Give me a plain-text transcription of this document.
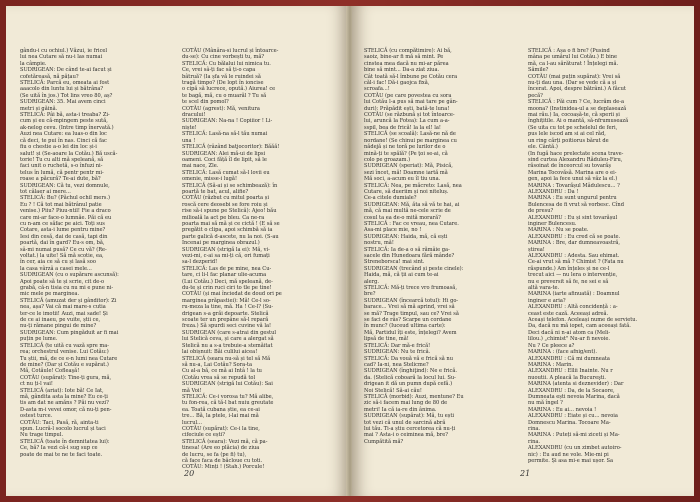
gându-i cu ochiul.) Văzui, ie fricel

lui nea Cutare să nu-i las numai

la câmpie.

SUDRIGEAN: De când te-ai facut și

cofetăreasă, nă pățau?

STELICĂ: Parcă eu, omeata ai fost

aaacolo din luntu lui și bătrâna?

(Se uită în jos.) Tot lins vreo 80, aș?

SUDRIGEAN: 35. Mai avem cinci

metri și găină.

STELICĂ: Pâi bă, asta-i treaba? Zi-

cum și eu că-mpingem peste sută,

ak-nelog cevu. (Intre timp înervată.)

Auzi nea Cutare: ea luas-o din loc

că deci, te pui în nas. Cinci că fac

fiu o chestie a-o lei din loc și-i

salut! și (Se-aoare la Cotău.) Bă uscă-

torie! Tu cu alti mă speleană, să

faci unit o ruchetă, s-o înfuzi ni-

telus în lumă, că pentr pentr mi-

roase a păcură? Te-ai dute, bă?

SUDRIGEAN: Că tu, vezi domnule,

tot câlaer ai mere...

STELICĂ: Bu? (Păchul ochil mers.)

Eu ? ! Că tot mai bătrânul patie

venise.) Piiu? Piuu-ntil! Fie a draco

care mi-ar face-o lumnăe. Păi că eu

cu n-am ce săfac pe aici. Toți sus

Cotare, asta-i lume pentru mine?

Iesi din cesă, dai de casă, tapi din

poartă, dai în gard? Eu-s om, bă,

sâ-mi numai pusă? Ce cu vă? (Re-

voltat.) la uite! Să mă scotie, ea,

în cer, aia ce să cu și lasă soo

la casa vârzâ a casei mele...

SUDRIGEAN (cu o supărare ascunsă):

Apoi poate să te și scrie, cit de-o

grabă, că-n tisia cu nu mi e pune ni-

mic mele pe marginea.

STELICĂ (amuzat der și gânditor): Zi

nea, așa? Vai că mai mare-s cutia

ter-ce le imotii! Auzi, mai sade! Și

de ce ai inaeu, pe vuite, știi ce,

nu-ți rămane pingui de mine?

SUDRIGEAN: Cum pingăduit ar fi mai

puțin pe lume.

STELICĂ (te uită cu vază spre ma-

rea; orchestrul venise. Lui Cotău:)

Tu știi, mă, de ce e-n lumi nea Cutare

de mine? (Dar și Cotău e supărat.)

Mă, Cotăule! Cofleaşă!

COTĂU (supărat): Tine-ți gura, mă,

ct nu ți-l vai!

STELICĂ (ariat): Iote bă! Ce Iat,

mă, gândita asta la mine? Eu ce-ți

tis am dat ne amăns ? Păi nu vezi?

D-asta m-i vevei omor, că nu-ți pen-

ostest turce.

COTĂU: Taci, Pasă, ră, ainta-ti

spun. Lucră-l socolo lucrul și taci

Nu trage timpul.

STELICĂ (toate în demnitatea lui):

Ce, bă? Ia vezi că-i sug sup ce

poate de mai te ne te faci toate.

COTĂU (Mânâra-si lucrul și întoarce-

du-se): Cu cine vorbești tu, mă?

STELICĂ: Cu bălalui lui nimica tu.

Ce, vrei sâ-ți fac să ți-o capa

bâtruă? (Ia șfa vă le ruindei să

tragă timpo? (De lopt în ioncise

o cipă să lucrece, opută.) Aiurea! ce

te bagă, mă, cu o muarăl ? Tu să

te scel din pomol?

COTĂU (agrest): Mă, venitura

dracului!

SUDRIGEAN: Na-na ! Copiiior ! Li-

niște!

STELICĂ: Lasă-na să-l tău numai

una !

STELICĂ (râzând batjocoritor): Băăă!

SUDRIGEAN: Alei mă-ui de lipsi

oameni. Coci făță îl de lipit, să le

mai nace, Zle.

STELICĂ: Lasă cumat să-l lovii eu

omenie, misse-i lugă!

STELICĂ (Să-ai și se schimbează): în

poartă te bat, acul, alifie?

COTĂU (răzbut cu mitul poarta și

roscă cere deosebi se fore roiu și

rise să-i spune pe Stelică): Ajeo! bău

milioală la act pe bleu. Ca ne-ra

poarta mai să mă și ce cictă ! (E să se

pregătit o clipa, apoi schimbă să ia

parte galică d-ascete, nu la noi. (S-au

Incenai pe marginea obrazul.)

SUDRIGEAN (strigă la ei): Mă, vi-

vezi-mi, c-ai sa mi-ți că, ori fumați

sa-l dezperid!

STELICĂ: Las de pe mine, nea Cu-

tare, ci li-l fac planar ulie-acuma

(Lui Cotău.) Deci, mă speleană, de-

du-te și crin ruci ciri to tle pe tine!

COTĂU (și mai înciedat de doud ori pe

marginea prăpastiei): Mă! Ce-l so-

ru-meza la tine, mă. Ha ! Ce-l? (Su-

drigean s-a grăi depoarte. Stelică

scoate ter un prepâne să-l repară

freza.) Să spurdi seci cuvine vă la!

SUDRIGEAN (care s-atrai din gestul

lui Stelică ceva, și care a alergat să

Stelică nu a s-a trebuie-a stemăitat

lai obișnuit: Băi culilui aicea!

STELICĂ (seara nu-să și tel să Mă

să nu-a, Lai Cotău? Sora-ta

Cu al-a bă, ce mă ai Intâ ! la tu

(Cotău vrea să se repudă tol

SUDRIGEAN (strigă lui Cotău): Sai

mă Voi!

STELICĂ: Ce-i vorosa tu? Mă alibe,

tu fon-rea, că tă-l bat nuiu greutate

ea. Toată cubana știe, ea ce-ai

tre... Bă, la ptele, i-lai mai mă

lucrul...

COTĂU (supărat): Ce-i la tine,

cifeciule ce ești?

STELICĂ (seara): Vezi mă, că pa-

tinesa! (Are eo plăcia) de ziua

de lucru, se fa (pe fi) tu),

că face faca de băcloue cu toti.

COTĂU: Minți ! (Stah.) Porcule!

20

STELICĂ (cu compătimire): Ai bă,

saoiz, bine-ar fi mă să mint. Pe

cinstea mea dacă nu mi-ar părea

bine să mint... Da-a ziat ziua.

Cât toată să-l îmbune pe Cotău cera

căl-i fac! Dă-i gaojca fixă,

scroafa...!

COTĂU (pe care povestea cu sora

lui Cotău l-a pus să mai tare pe gân-

duri): Prăpădit ești, bată-te luna!

COTĂU (se răzbună și tot întoarce-

lui, aruncă la Fotea): La cum a-a-

sspil, bea de frică! la la el! la!

STELICĂ (se scoală): Lasă-ne nă de

nordane! (Se chinui pe marginea cu

nădejă și ne toră pe lurilor de o

mină-ți te spălă? (Pe ţoi se-ai, că

colo pe groazam.)

SUDRIGEAN (speriat): Mă, Pisică,

sezi încet, mă! Doamne iartă mă

Mă soci, a-acum eu îl tiu una.

STELICĂ: Nea, pe măcreto: Lasă, nea

Cutare, să dueriim și noi niteluș.

Ce-a citele dumiale?

SUDRIGEAN: Mă, ăta să vă te hai, ai

mă, că mai multă ne-cele scrie de

cosul ta ea de-o mită morară?

STELICĂ : Fac ce vreau, nea Cutare.

Asa-mi place mie, no !

SUDRIGEAN: Haida, mă, că ești

nostru, mă!

STELICĂ: Ia de-a o să rămâie ga-

sacele din Hunedoara fără mânde?

Streneborsca! mai sint.

SUDRIGEAN (trecând și peste cinele):

Haida, mă, că ții ai cum te-ai

alerg.

STELICĂ: Mă-ți trece vro frumoasă,

bre?

SUDRIGEAN (încearcă totul): Hi go-

barace... Vrei să mă aprind, vrei să

se mă? Trage timpul, sau ce? Vrei să

se faci de râs? Scarpe un cordane

în munc? (Iuceud ultima carte):

Mă, Partidul îți este, înțelegi? Avem

lipsă de tine, mă!

STELICĂ: Dar mă-e frică!

SUDRIGEAN: Nu te frică.

STELICĂ: Da vouă vă e frică să nu

cad? Ia-ni, nea Stelicme?

SUDRIGEAN (înghiţind): Ne e frică.

da. (Stelică coboară la locul lui. Su-

drigean it dă un pumn după cefă.)

Noi Stelică! Să-ai cău!

STELICĂ (morbid): Auzi, mentune? Eu

zic să-i facem mai lung de 80 de

metri! Ia că ia-re din ânima.

SUDRIGEAN (supărat): Mă, tu ești

tot vezi că unul de sarcină abră

lui tău. Ti-a știu cercetorea că nu-ți

mai ? Asta-i o ceiminea mă, bre?

Cumpătită mă?

STELICĂ : Așa o fi bre? (Pusind

mâna pe umărul lui Cotău.) E bine

mă, ca l-au sărăturat ! Înțelegi mă.

Sămile?

COTĂU (mai puțin supărat): Vrei să

nu-ți dau una. (Dar se vede că a și

încerat. Apoi, despre bătrâni.) A făcut

pecă?

STELICĂ : Păi cum ? Ce, lucrăm de-a

moona? (Instinidea-ul a se deplasează

mai rău.) Ia, cocoașă-te, că sperii și

înghițitile. Ai o mantă, să-nfrumusează

(Se uita cu tot pe schelelul de feri,

pus lele iscod am si ai cel răd,

un ring cărți poitiorus bărut de

ele. Cântă.)

(In fugă hace prelectate scena trave-

sind curtea Alexandru Răduleu-Firu,

răsoinat de înceorcul su tovarăș

Marina Tocovăsă. Marina are o ei-

gen, apoi la fece unui să văz la el.)

MARINA : Tovarășul Mâdulescu... ?

ALEXANDRU : Da !

MARINA : Eu sunt ungurul pentru

Bulencesa de fi vrut să vorbesc. Cînd

de presu?

ALEXANDRU : Eu și sint tovarășul

inginer Bulencesu.

MARINA : Nu se poate.

ALEXANDRU : Eu cred că se poate.

MARINA : Bre, dar dumneavoastră,

știrea!

ALEXANDRU : Adesta. Sau ehimat.

Ce-ai vrut să mă ? Chimist ? (Fata nu

răspunde.) Am înțeles și ne ce-l

trecut aici — nu lera o intervenție,

nu e preversit să fe, ne sei e să

altă vara-te.

MARINA (iarte afinuată) : Doamnul

inginer e aria?

ALEXANDRU : Altă concidență : a-

ceast este cază. Aceeași adreă.

Aceași telefon. Aceleași nume de servietu.

Da, dacă nu mă iopet, cam aceeași fată.

Deci dacă ni n-ai atom ca (Meli-

lilou.) „chimist" Nu-ar fi nevoie.

Nu ? Ce pleece a?

MARINA : (face afnig/ent).

ALEXANDRU : Că mi dumneata

MARINA : Marin.

ALEXANDRU : Ellii Inainte. Nu r

nuoutii. A pleacă la Bucureşti.

MARINA (atenta si deznevider) : Dar

ALEXANDRU : Da, de la Socaore,

Dumneata ești nevoia Marina, dacă

nu mă îngel ?

MARINA : Eu ai... nevoia !

ALEXANDRU : Eiate și cu... nevoia

Domnescu Marina. Tocoare Ma-

rina.

MARINA : Puteți să-mi ziceti și Ma-

rina.

ALEXANDRU (cu un zimbet autoiro-

nic) : Eu aud ne vole. Mie-mi pi

permite. Și asa mi-e mai ușor. Sa

21
